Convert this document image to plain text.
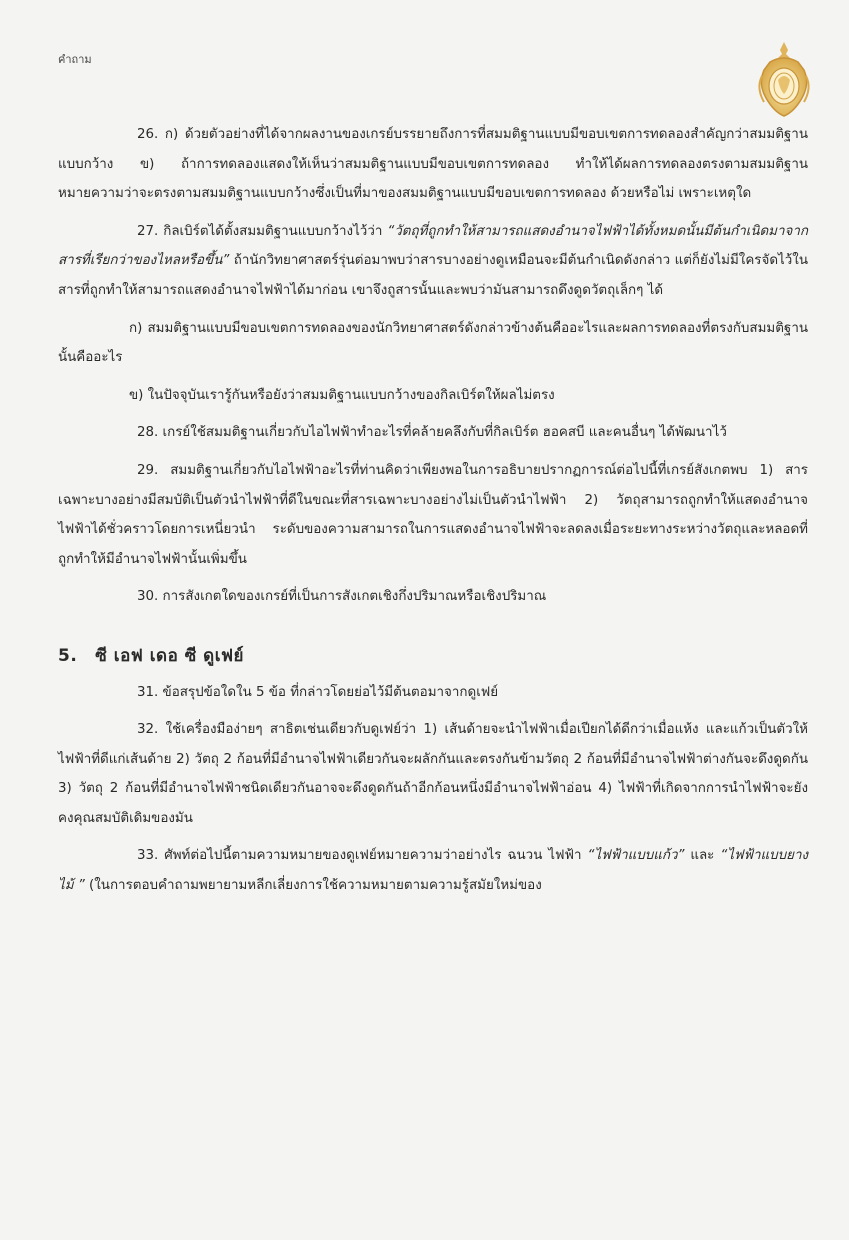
คำถาม

26. ก) ด้วยตัวอย่างที่ได้จากผลงานของเกรย์บรรยายถึงการที่สมมติฐานแบบมีขอบเขตการทดลองสำคัญกว่าสมมติฐานแบบกว้าง ข) ถ้าการทดลองแสดงให้เห็นว่าสมมติฐานแบบมีขอบเขตการทดลอง ทำให้ได้ผลการทดลองตรงตามสมมติฐาน หมายความว่าจะตรงตามสมมติฐานแบบกว้างซึ่งเป็นที่มาของสมมติฐานแบบมีขอบเขตการทดลอง ด้วยหรือไม่ เพราะเหตุใด

27. กิลเบิร์ตได้ตั้งสมมติฐานแบบกว้างไว้ว่า “วัตถุที่ถูกทำให้สามารถแสดงอำนาจไฟฟ้าได้ทั้งหมดนั้นมีต้นกำเนิดมาจากสารที่เรียกว่าของไหลหรือขึ้น” ถ้านักวิทยาศาสตร์รุ่นต่อมาพบว่าสารบางอย่างดูเหมือนจะมีต้นกำเนิดดังกล่าว แต่ก็ยังไม่มีใครจัดไว้ในสารที่ถูกทำให้สามารถแสดงอำนาจไฟฟ้าได้มาก่อน เขาจึงถูสารนั้นและพบว่ามันสามารถดึงดูดวัตถุเล็กๆ ได้

ก) สมมติฐานแบบมีขอบเขตการทดลองของนักวิทยาศาสตร์ดังกล่าวข้างต้นคืออะไรและผลการทดลองที่ตรงกับสมมติฐานนั้นคืออะไร

ข) ในปัจจุบันเรารู้กันหรือยังว่าสมมติฐานแบบกว้างของกิลเบิร์ตให้ผลไม่ตรง

28. เกรย์ใช้สมมติฐานเกี่ยวกับไอไฟฟ้าทำอะไรที่คล้ายคลึงกับที่กิลเบิร์ต ฮอคสบี และคนอื่นๆ ได้พัฒนาไว้

29. สมมติฐานเกี่ยวกับไอไฟฟ้าอะไรที่ท่านคิดว่าเพียงพอในการอธิบายปรากฏการณ์ต่อไปนี้ที่เกรย์สังเกตพบ 1) สารเฉพาะบางอย่างมีสมบัติเป็นตัวนำไฟฟ้าที่ดีในขณะที่สารเฉพาะบางอย่างไม่เป็นตัวนำไฟฟ้า 2) วัตถุสามารถถูกทำให้แสดงอำนาจไฟฟ้าได้ชั่วคราวโดยการเหนี่ยวนำ ระดับของความสามารถในการแสดงอำนาจไฟฟ้าจะลดลงเมื่อระยะทางระหว่างวัตถุและหลอดที่ถูกทำให้มีอำนาจไฟฟ้านั้นเพิ่มขึ้น

30. การสังเกตใดของเกรย์ที่เป็นการสังเกตเชิงกึ่งปริมาณหรือเชิงปริมาณ

5. ซี เอฟ เดอ ซี ดูเฟย์

31. ข้อสรุปข้อใดใน 5 ข้อ ที่กล่าวโดยย่อไว้มีต้นตอมาจากดูเฟย์

32. ใช้เครื่องมือง่ายๆ สาธิตเช่นเดียวกับดูเฟย์ว่า 1) เส้นด้ายจะนำไฟฟ้าเมื่อเปียกได้ดีกว่าเมื่อแห้ง และแก้วเป็นตัวให้ไฟฟ้าที่ดีแก่เส้นด้าย 2) วัตถุ 2 ก้อนที่มีอำนาจไฟฟ้าเดียวกันจะผลักกันและตรงกันข้ามวัตถุ 2 ก้อนที่มีอำนาจไฟฟ้าต่างกันจะดึงดูดกัน 3) วัตถุ 2 ก้อนที่มีอำนาจไฟฟ้าชนิดเดียวกันอาจจะดึงดูดกันถ้าอีกก้อนหนึ่งมีอำนาจไฟฟ้าอ่อน 4) ไฟฟ้าที่เกิดจากการนำไฟฟ้าจะยังคงคุณสมบัติเดิมของมัน

33. ศัพท์ต่อไปนี้ตามความหมายของดูเฟย์หมายความว่าอย่างไร ฉนวน ไฟฟ้า “ไฟฟ้าแบบแก้ว” และ “ไฟฟ้าแบบยางไม้ ” (ในการตอบคำถามพยายามหลีกเลี่ยงการใช้ความหมายตามความรู้สมัยใหม่ของ
